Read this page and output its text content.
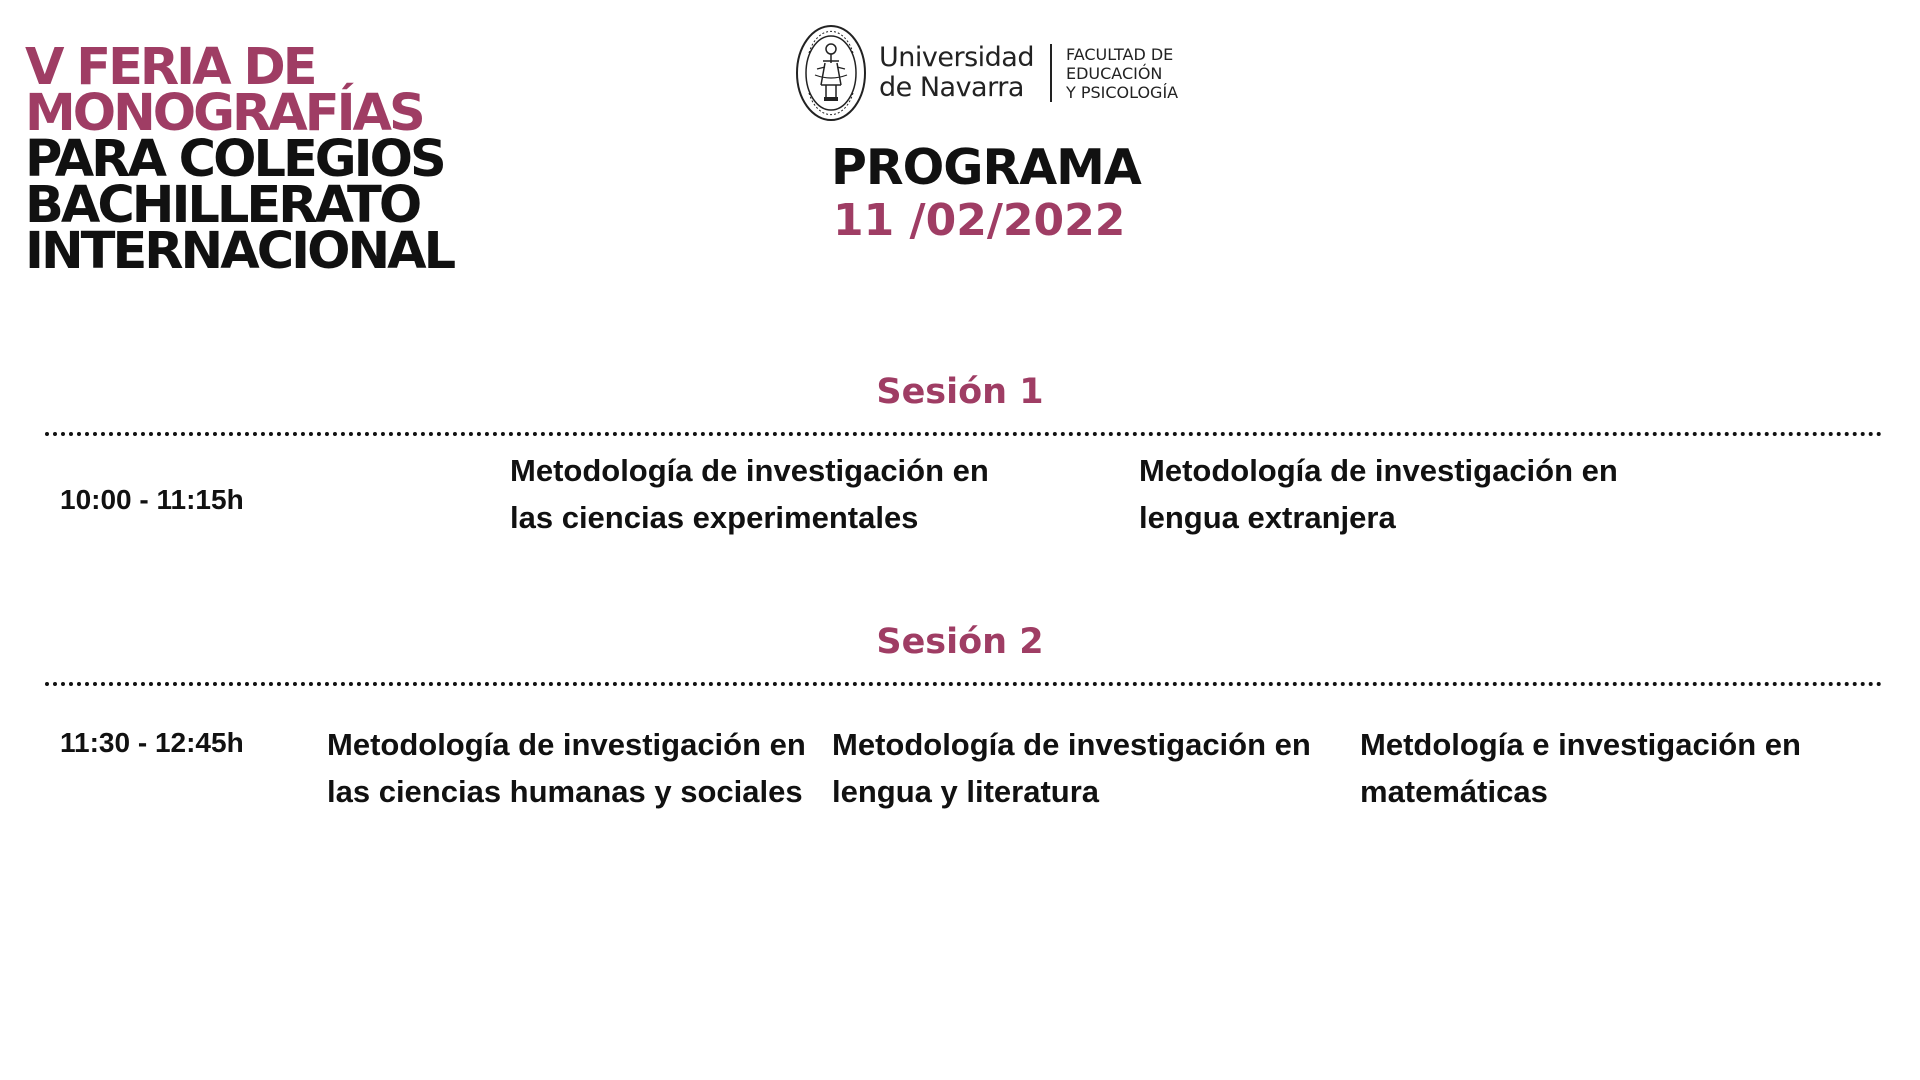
V FERIA DE
MONOGRAFÍAS
PARA COLEGIOS
BACHILLERATO
INTERNACIONAL
Universidad
de Navarra
FACULTAD DE
EDUCACIÓN
Y PSICOLOGÍA
PROGRAMA
11 /02/2022
Sesión 1
10:00 - 11:15h
Metodología de investigación en las ciencias experimentales
Metodología de investigación en lengua extranjera
Sesión 2
11:30 - 12:45h	Metodología de investigación en las ciencias humanas y sociales
Metodología de investigación en lengua y literatura
Metdología e investigación en matemáticas
